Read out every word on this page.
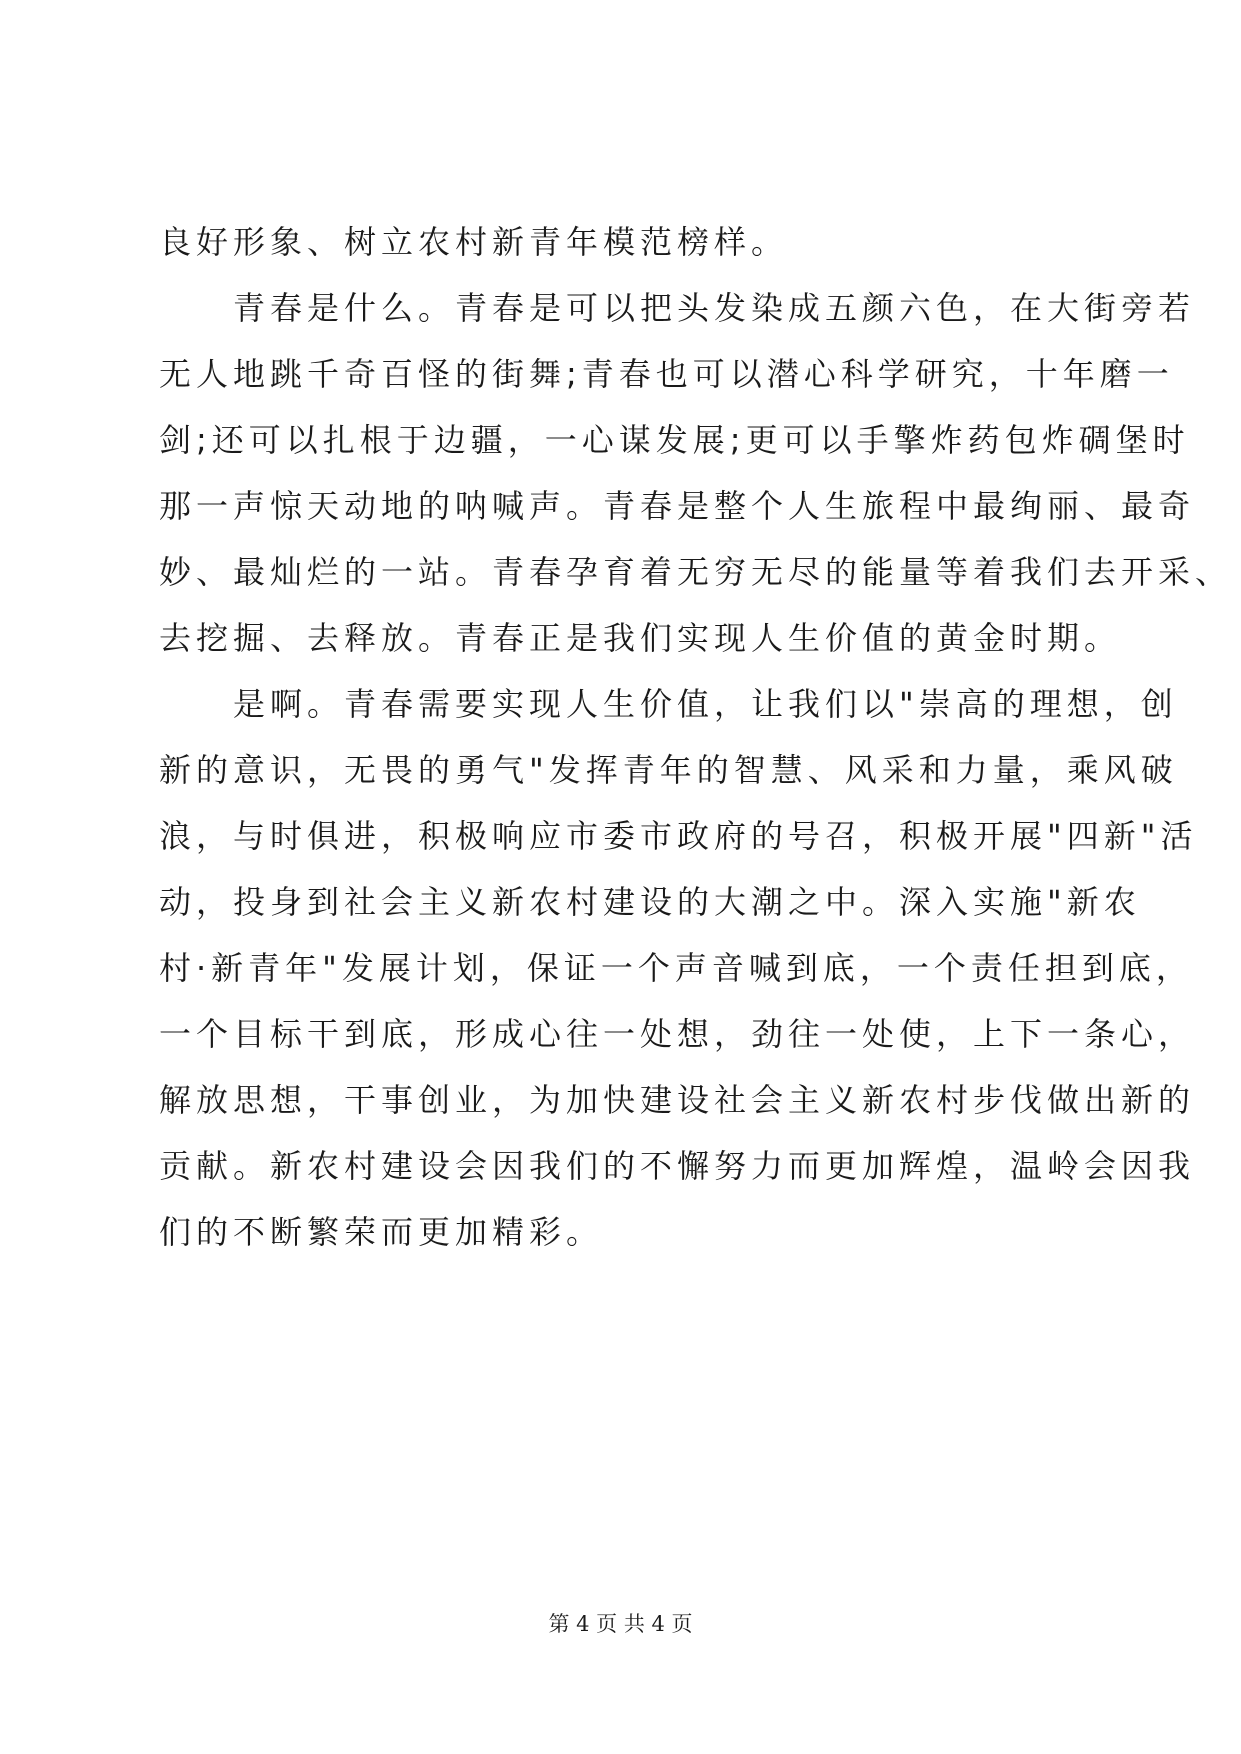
良好形象、树立农村新青年模范榜样。
　　青春是什么。青春是可以把头发染成五颜六色，在大街旁若
无人地跳千奇百怪的街舞;青春也可以潜心科学研究，十年磨一
剑;还可以扎根于边疆，一心谋发展;更可以手擎炸药包炸碉堡时
那一声惊天动地的呐喊声。青春是整个人生旅程中最绚丽、最奇
妙、最灿烂的一站。青春孕育着无穷无尽的能量等着我们去开采、
去挖掘、去释放。青春正是我们实现人生价值的黄金时期。
　　是啊。青春需要实现人生价值，让我们以"崇高的理想，创
新的意识，无畏的勇气"发挥青年的智慧、风采和力量，乘风破
浪，与时俱进，积极响应市委市政府的号召，积极开展"四新"活
动，投身到社会主义新农村建设的大潮之中。深入实施"新农
村·新青年"发展计划，保证一个声音喊到底，一个责任担到底，
一个目标干到底，形成心往一处想，劲往一处使，上下一条心，
解放思想，干事创业，为加快建设社会主义新农村步伐做出新的
贡献。新农村建设会因我们的不懈努力而更加辉煌，温岭会因我
们的不断繁荣而更加精彩。
第 4 页 共 4 页
